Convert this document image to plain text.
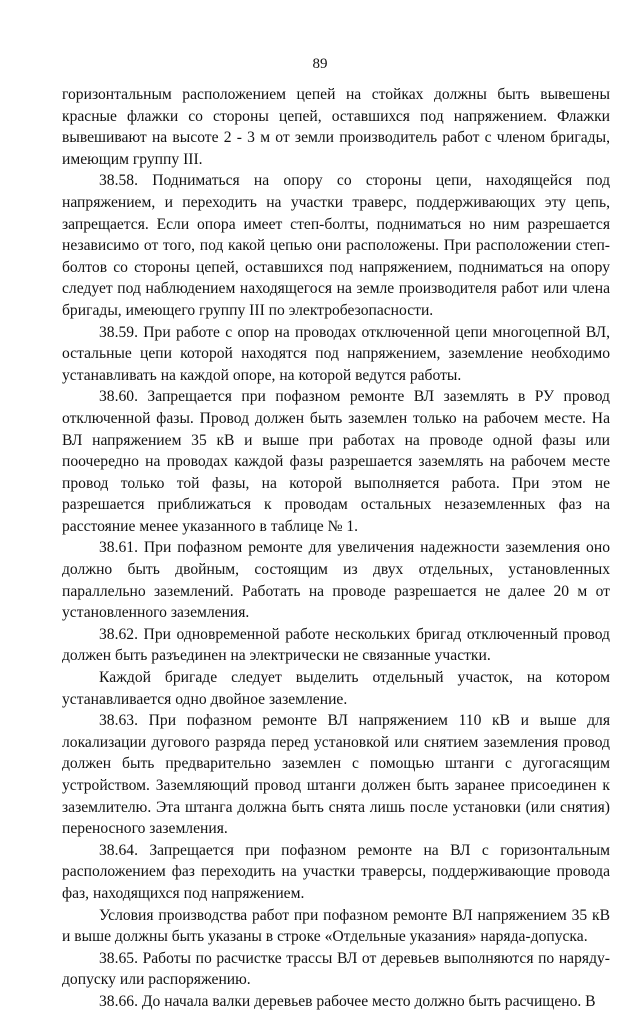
89

горизонтальным расположением цепей на стойках должны быть вывешены красные флажки со стороны цепей, оставшихся под напряжением. Флажки вывешивают на высоте 2 - 3 м от земли производитель работ с членом бригады, имеющим группу III.

38.58. Подниматься на опору со стороны цепи, находящейся под напряжением, и переходить на участки траверс, поддерживающих эту цепь, запрещается. Если опора имеет степ-болты, подниматься но ним разрешается независимо от того, под какой цепью они расположены. При расположении степ-болтов со стороны цепей, оставшихся под напряжением, подниматься на опору следует под наблюдением находящегося на земле производителя работ или члена бригады, имеющего группу III по электробезопасности.

38.59. При работе с опор на проводах отключенной цепи многоцепной ВЛ, остальные цепи которой находятся под напряжением, заземление необходимо устанавливать на каждой опоре, на которой ведутся работы.

38.60. Запрещается при пофазном ремонте ВЛ заземлять в РУ провод отключенной фазы. Провод должен быть заземлен только на рабочем месте. На ВЛ напряжением 35 кВ и выше при работах на проводе одной фазы или поочередно на проводах каждой фазы разрешается заземлять на рабочем месте провод только той фазы, на которой выполняется работа. При этом не разрешается приближаться к проводам остальных незаземленных фаз на расстояние менее указанного в таблице № 1.

38.61. При пофазном ремонте для увеличения надежности заземления оно должно быть двойным, состоящим из двух отдельных, установленных параллельно заземлений. Работать на проводе разрешается не далее 20 м от установленного заземления.

38.62. При одновременной работе нескольких бригад отключенный провод должен быть разъединен на электрически не связанные участки.

Каждой бригаде следует выделить отдельный участок, на котором устанавливается одно двойное заземление.

38.63. При пофазном ремонте ВЛ напряжением 110 кВ и выше для локализации дугового разряда перед установкой или снятием заземления провод должен быть предварительно заземлен с помощью штанги с дугогасящим устройством. Заземляющий провод штанги должен быть заранее присоединен к заземлителю. Эта штанга должна быть снята лишь после установки (или снятия) переносного заземления.

38.64. Запрещается при пофазном ремонте на ВЛ с горизонтальным расположением фаз переходить на участки траверсы, поддерживающие провода фаз, находящихся под напряжением.

Условия производства работ при пофазном ремонте ВЛ напряжением 35 кВ и выше должны быть указаны в строке «Отдельные указания» наряда-допуска.

38.65. Работы по расчистке трассы ВЛ от деревьев выполняются по наряду-допуску или распоряжению.

38.66. До начала валки деревьев рабочее место должно быть расчищено. В
